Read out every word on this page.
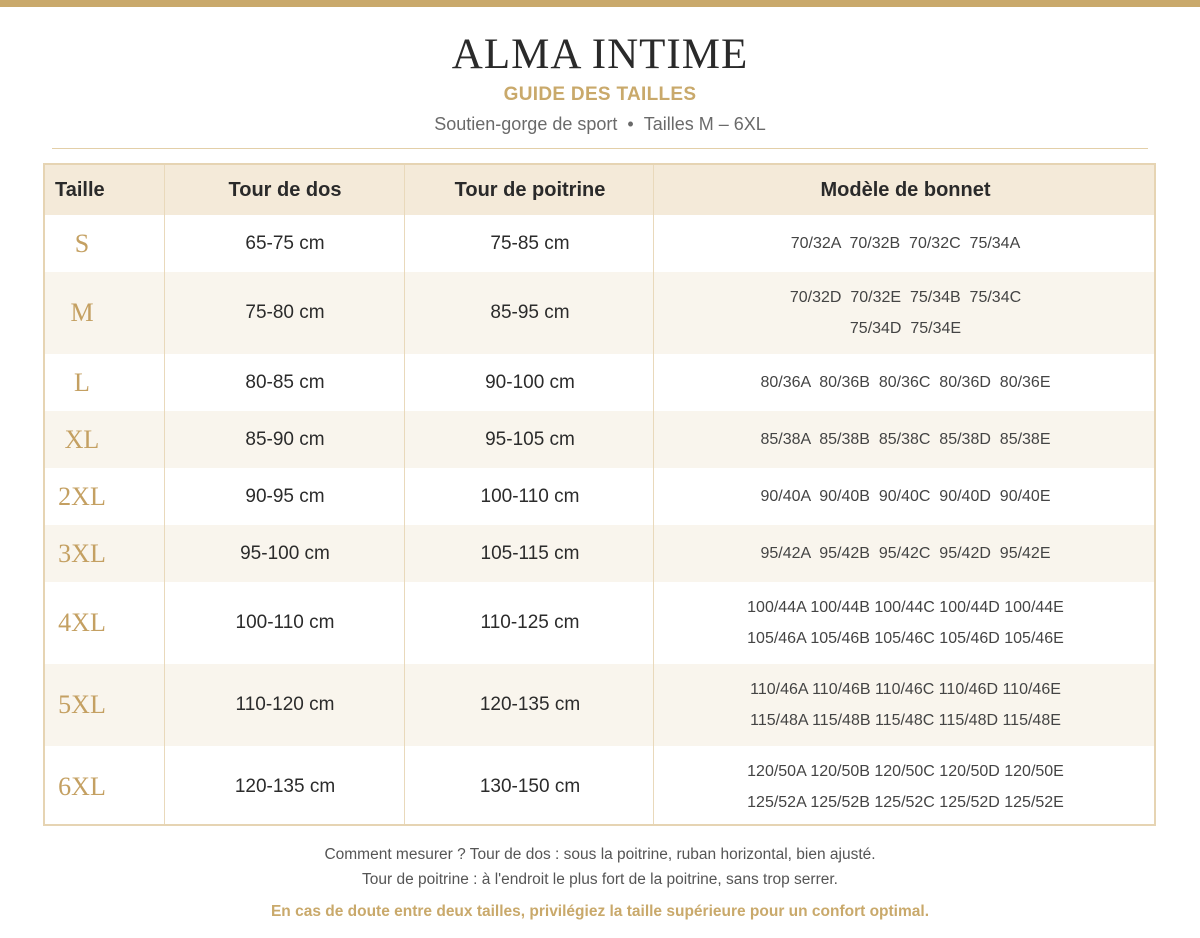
ALMA INTIME
GUIDE DES TAILLES
Soutien-gorge de sport • Tailles M – 6XL
Taille	Tour de dos	Tour de poitrine	Modèle de bonnet
S	65-75 cm	75-85 cm	70/32A  70/32B  70/32C  75/34A
M	75-80 cm	85-95 cm
70/32D  70/32E  75/34B  75/34C
75/34D  75/34E
L	80-85 cm	90-100 cm	80/36A  80/36B  80/36C  80/36D  80/36E
XL	85-90 cm	95-105 cm	85/38A  85/38B  85/38C  85/38D  85/38E
2XL	90-95 cm	100-110 cm	90/40A  90/40B  90/40C  90/40D  90/40E
3XL	95-100 cm	105-115 cm	95/42A  95/42B  95/42C  95/42D  95/42E
4XL	100-110 cm	110-125 cm
100/44A 100/44B 100/44C 100/44D 100/44E
105/46A 105/46B 105/46C 105/46D 105/46E
5XL	110-120 cm	120-135 cm
110/46A 110/46B 110/46C 110/46D 110/46E
115/48A 115/48B 115/48C 115/48D 115/48E
6XL	120-135 cm	130-150 cm
120/50A 120/50B 120/50C 120/50D 120/50E
125/52A 125/52B 125/52C 125/52D 125/52E
Comment mesurer ? Tour de dos : sous la poitrine, ruban horizontal, bien ajusté.
Tour de poitrine : à l'endroit le plus fort de la poitrine, sans trop serrer.
En cas de doute entre deux tailles, privilégiez la taille supérieure pour un confort optimal.
